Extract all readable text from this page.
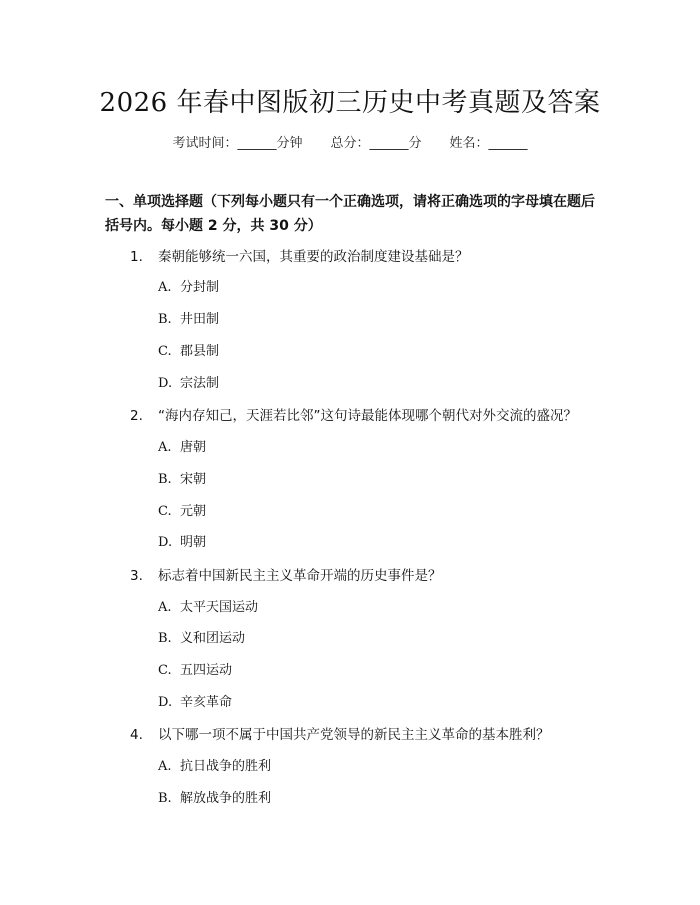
2026 年春中图版初三历史中考真题及答案
考试时间：______分钟 总分：______分 姓名：______
一、单项选择题（下列每小题只有一个正确选项，请将正确选项的字母填在题后括号内。每小题 2 分，共 30 分）
1. 秦朝能够统一六国，其重要的政治制度建设基础是？
A. 分封制
B. 井田制
C. 郡县制
D. 宗法制
2. “海内存知己，天涯若比邻”这句诗最能体现哪个朝代对外交流的盛况？
A. 唐朝
B. 宋朝
C. 元朝
D. 明朝
3. 标志着中国新民主主义革命开端的历史事件是？
A. 太平天国运动
B. 义和团运动
C. 五四运动
D. 辛亥革命
4. 以下哪一项不属于中国共产党领导的新民主主义革命的基本胜利？
A. 抗日战争的胜利
B. 解放战争的胜利
